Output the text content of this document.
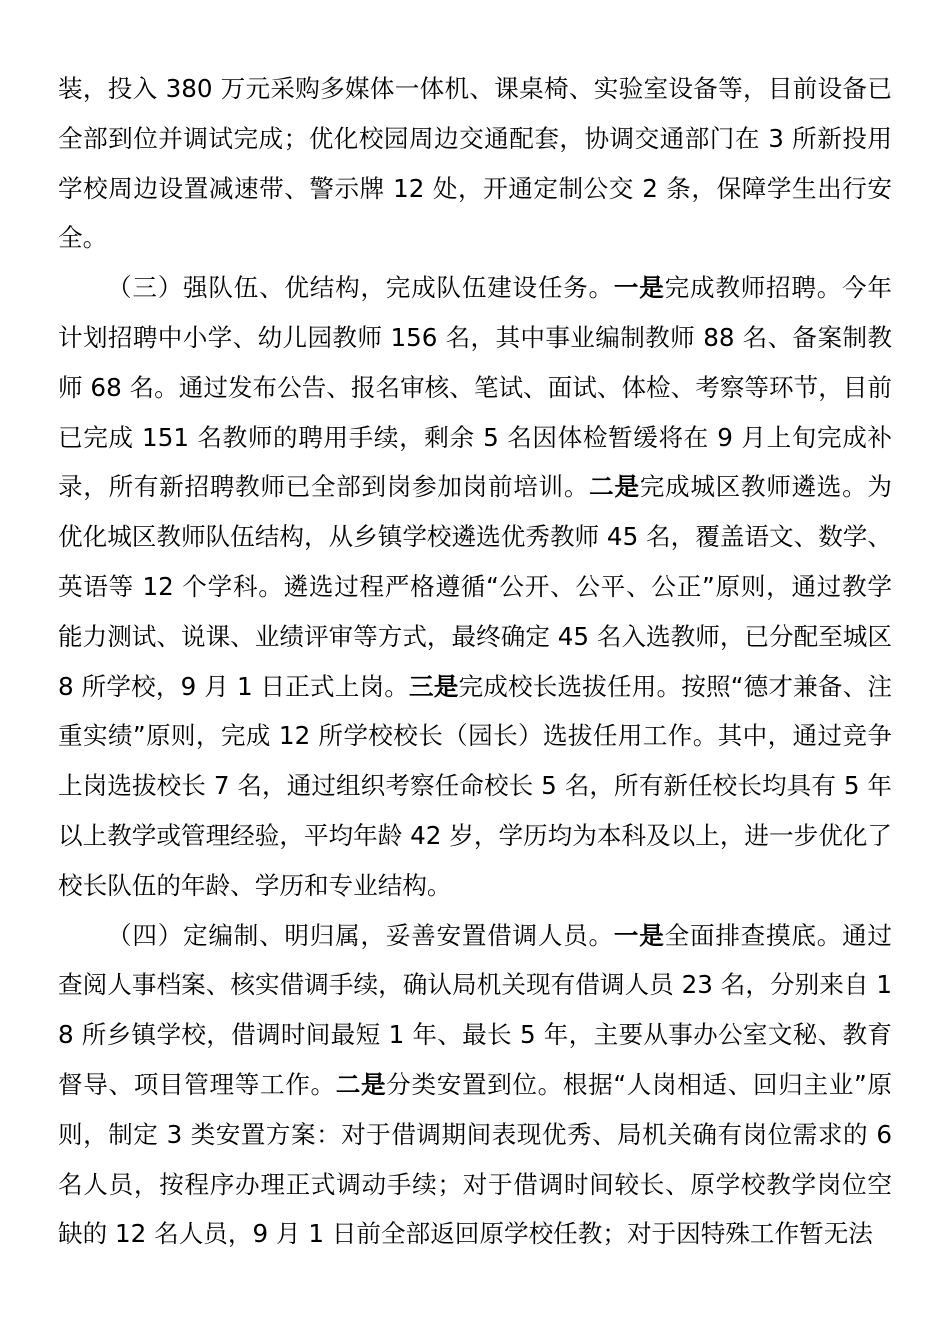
装，投入 380 万元采购多媒体一体机、课桌椅、实验室设备等，目前设备已全部到位并调试完成；优化校园周边交通配套，协调交通部门在 3 所新投用学校周边设置减速带、警示牌 12 处，开通定制公交 2 条，保障学生出行安全。

（三）强队伍、优结构，完成队伍建设任务。一是完成教师招聘。今年计划招聘中小学、幼儿园教师 156 名，其中事业编制教师 88 名、备案制教师 68 名。通过发布公告、报名审核、笔试、面试、体检、考察等环节，目前已完成 151 名教师的聘用手续，剩余 5 名因体检暂缓将在 9 月上旬完成补录，所有新招聘教师已全部到岗参加岗前培训。二是完成城区教师遴选。为优化城区教师队伍结构，从乡镇学校遴选优秀教师 45 名，覆盖语文、数学、英语等 12 个学科。遴选过程严格遵循“公开、公平、公正”原则，通过教学能力测试、说课、业绩评审等方式，最终确定 45 名入选教师，已分配至城区 8 所学校，9 月 1 日正式上岗。三是完成校长选拔任用。按照“德才兼备、注重实绩”原则，完成 12 所学校校长（园长）选拔任用工作。其中，通过竞争上岗选拔校长 7 名，通过组织考察任命校长 5 名，所有新任校长均具有 5 年以上教学或管理经验，平均年龄 42 岁，学历均为本科及以上，进一步优化了校长队伍的年龄、学历和专业结构。

（四）定编制、明归属，妥善安置借调人员。一是全面排查摸底。通过查阅人事档案、核实借调手续，确认局机关现有借调人员 23 名，分别来自 18 所乡镇学校，借调时间最短 1 年、最长 5 年，主要从事办公室文秘、教育督导、项目管理等工作。二是分类安置到位。根据“人岗相适、回归主业”原则，制定 3 类安置方案：对于借调期间表现优秀、局机关确有岗位需求的 6 名人员，按程序办理正式调动手续；对于借调时间较长、原学校教学岗位空缺的 12 名人员，9 月 1 日前全部返回原学校任教；对于因特殊工作暂无法
